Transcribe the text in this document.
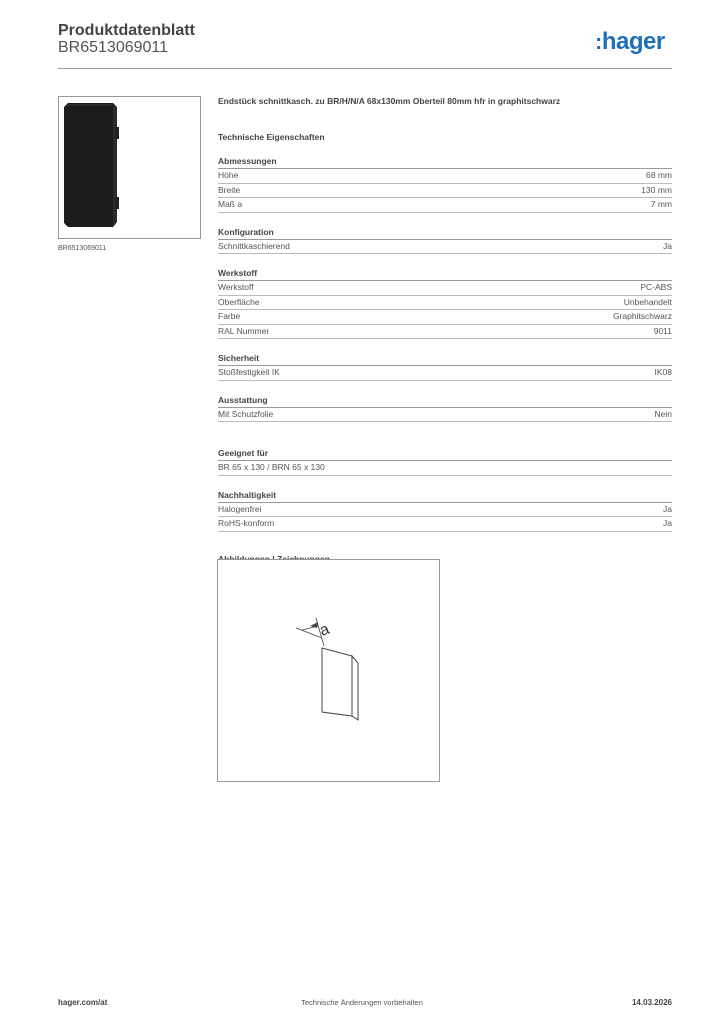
Produktdatenblatt
BR6513069011	:hager
BR6513069011
Endstück schnittkasch. zu BR/H/N/A 68x130mm Oberteil 80mm hfr in graphitschwarz
Technische Eigenschaften
Abmessungen
Höhe	68 mm
Breite	130 mm
Maß a	7 mm
Konfiguration
Schnittkaschierend	Ja
Werkstoff
Werkstoff	PC-ABS
Oberfläche	Unbehandelt
Farbe	Graphitschwarz
RAL Nummer	9011
Sicherheit
Stoßfestigkeit IK	IK08
Ausstattung
Mit Schutzfolie	Nein
Geeignet für
BR 65 x 130 / BRN 65 x 130
Nachhaltigkeit
Halogenfrei	Ja
RoHS-konform	Ja
a
hager.com/at	Technische Änderungen vorbehalten	14.03.2026
